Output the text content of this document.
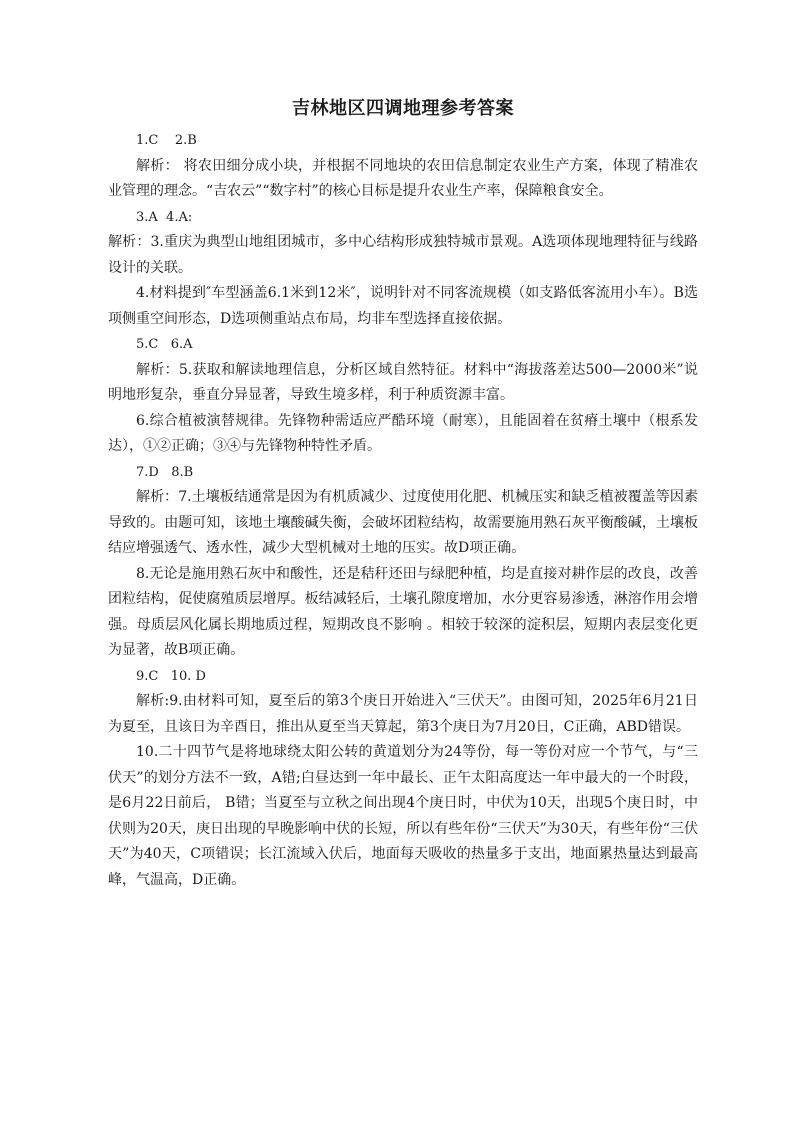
吉林地区四调地理参考答案

1.C    2.B

解析： 将农田细分成小块，并根据不同地块的农田信息制定农业生产方案，体现了精准农业管理的理念。“吉农云”“数字村”的核心目标是提升农业生产率，保障粮食安全。

3.A  4.A:

解析：3.重庆为典型山地组团城市，多中心结构形成独特城市景观。A选项体现地理特征与线路设计的关联。

4.材料提到″车型涵盖6.1米到12米″，说明针对不同客流规模（如支路低客流用小车）。B选项侧重空间形态，D选项侧重站点布局，均非车型选择直接依据。

5.C   6.A

解析：5.获取和解读地理信息，分析区域自然特征。材料中“海拔落差达500—2000米”说明地形复杂，垂直分异显著，导致生境多样，利于种质资源丰富。

6.综合植被演替规律。先锋物种需适应严酷环境（耐寒），且能固着在贫瘠土壤中（根系发达），①②正确；③④与先锋物种特性矛盾。

7.D   8.B

解析：7.土壤板结通常是因为有机质减少、过度使用化肥、机械压实和缺乏植被覆盖等因素导致的。由题可知，该地土壤酸碱失衡，会破坏团粒结构，故需要施用熟石灰平衡酸碱，土壤板结应增强透气、透水性，减少大型机械对土地的压实。故D项正确。

8.无论是施用熟石灰中和酸性，还是秸秆还田与绿肥种植，均是直接对耕作层的改良，改善团粒结构，促使腐殖质层增厚。板结减轻后，土壤孔隙度增加，水分更容易渗透，淋溶作用会增强。母质层风化属长期地质过程，短期改良不影响 。相较于较深的淀积层，短期内表层变化更为显著，故B项正确。

9.C   10. D

解析:9.由材料可知，夏至后的第3个庚日开始进入“三伏天”。由图可知，2025年6月21日为夏至，且该日为辛酉日，推出从夏至当天算起，第3个庚日为7月20日，C正确，ABD错误。

10.二十四节气是将地球绕太阳公转的黄道划分为24等份，每一等份对应一个节气，与“三伏天”的划分方法不一致，A错;白昼达到一年中最长、正午太阳高度达一年中最大的一个时段，是6月22日前后， B错；当夏至与立秋之间出现4个庚日时，中伏为10天，出现5个庚日时，中伏则为20天，庚日出现的早晚影响中伏的长短，所以有些年份“三伏天”为30天，有些年份“三伏天”为40天，C项错误；长江流域入伏后，地面每天吸收的热量多于支出，地面累热量达到最高峰，气温高，D正确。
